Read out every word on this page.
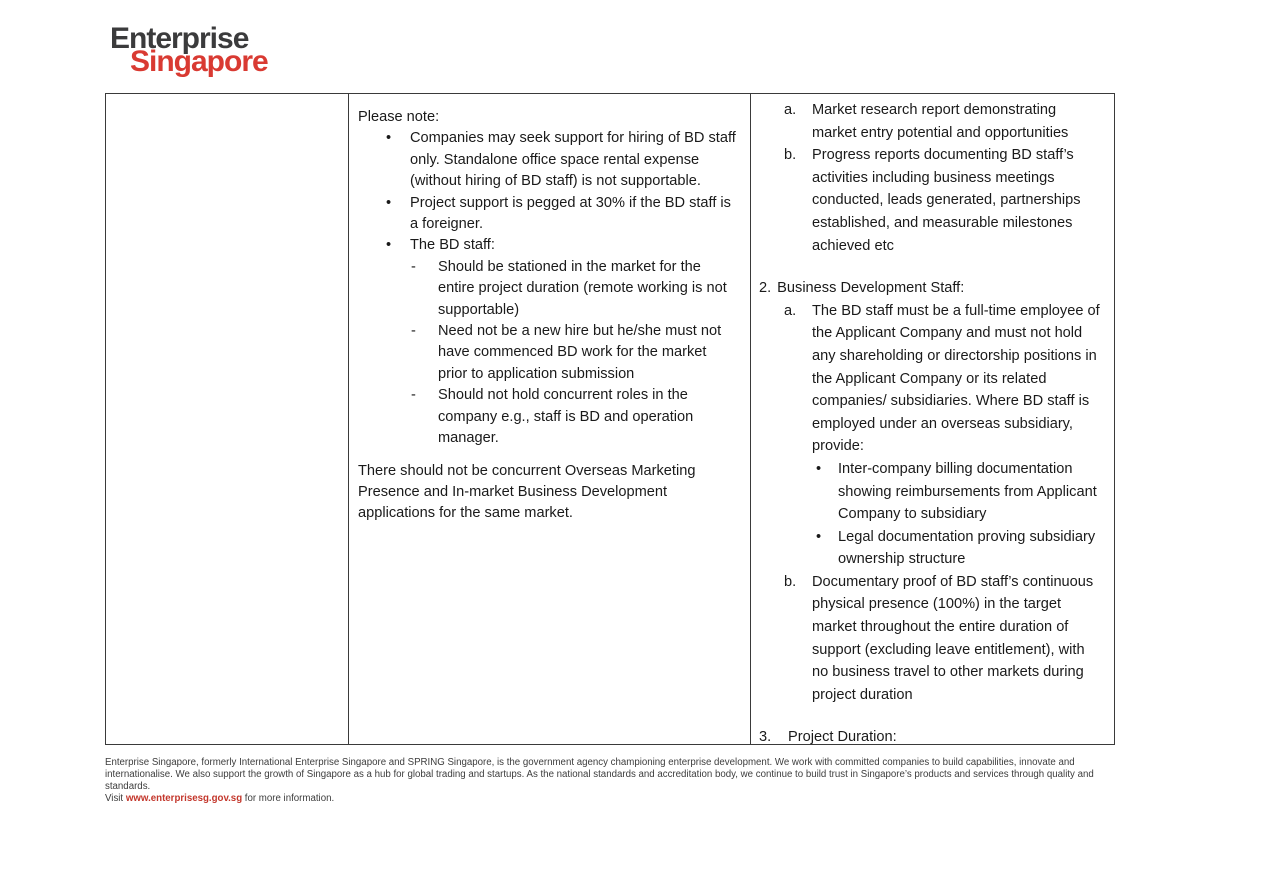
Enterprise
Singapore
Please note:
•	Companies may seek support for hiring of BD staff only. Standalone office space rental expense (without hiring of BD staff) is not supportable.
•	Project support is pegged at 30% if the BD staff is a foreigner.
•	The BD staff:
-	Should be stationed in the market for the entire project duration (remote working is not supportable)
-	Need not be a new hire but he/she must not have commenced BD work for the market prior to application submission
-	Should not hold concurrent roles in the company e.g., staff is BD and operation manager.
There should not be concurrent Overseas Marketing Presence and In-market Business Development applications for the same market.
a.	Market research report demonstrating market entry potential and opportunities
b.	Progress reports documenting BD staff’s activities including business meetings conducted, leads generated, partnerships established, and measurable milestones achieved etc
2. Business Development Staff:
a.	The BD staff must be a full-time employee of the Applicant Company and must not hold any shareholding or directorship positions in the Applicant Company or its related companies/ subsidiaries. Where BD staff is employed under an overseas subsidiary, provide:
•	Inter-company billing documentation showing reimbursements from Applicant Company to subsidiary
•	Legal documentation proving subsidiary ownership structure
b.	Documentary proof of BD staff’s continuous physical presence (100%) in the target market throughout the entire duration of support (excluding leave entitlement), with no business travel to other markets during project duration
3.	Project Duration:
Enterprise Singapore, formerly International Enterprise Singapore and SPRING Singapore, is the government agency championing enterprise development. We work with committed companies to build capabilities, innovate and internationalise. We also support the growth of Singapore as a hub for global trading and startups. As the national standards and accreditation body, we continue to build trust in Singapore’s products and services through quality and standards.
Visit www.enterprisesg.gov.sg for more information.
